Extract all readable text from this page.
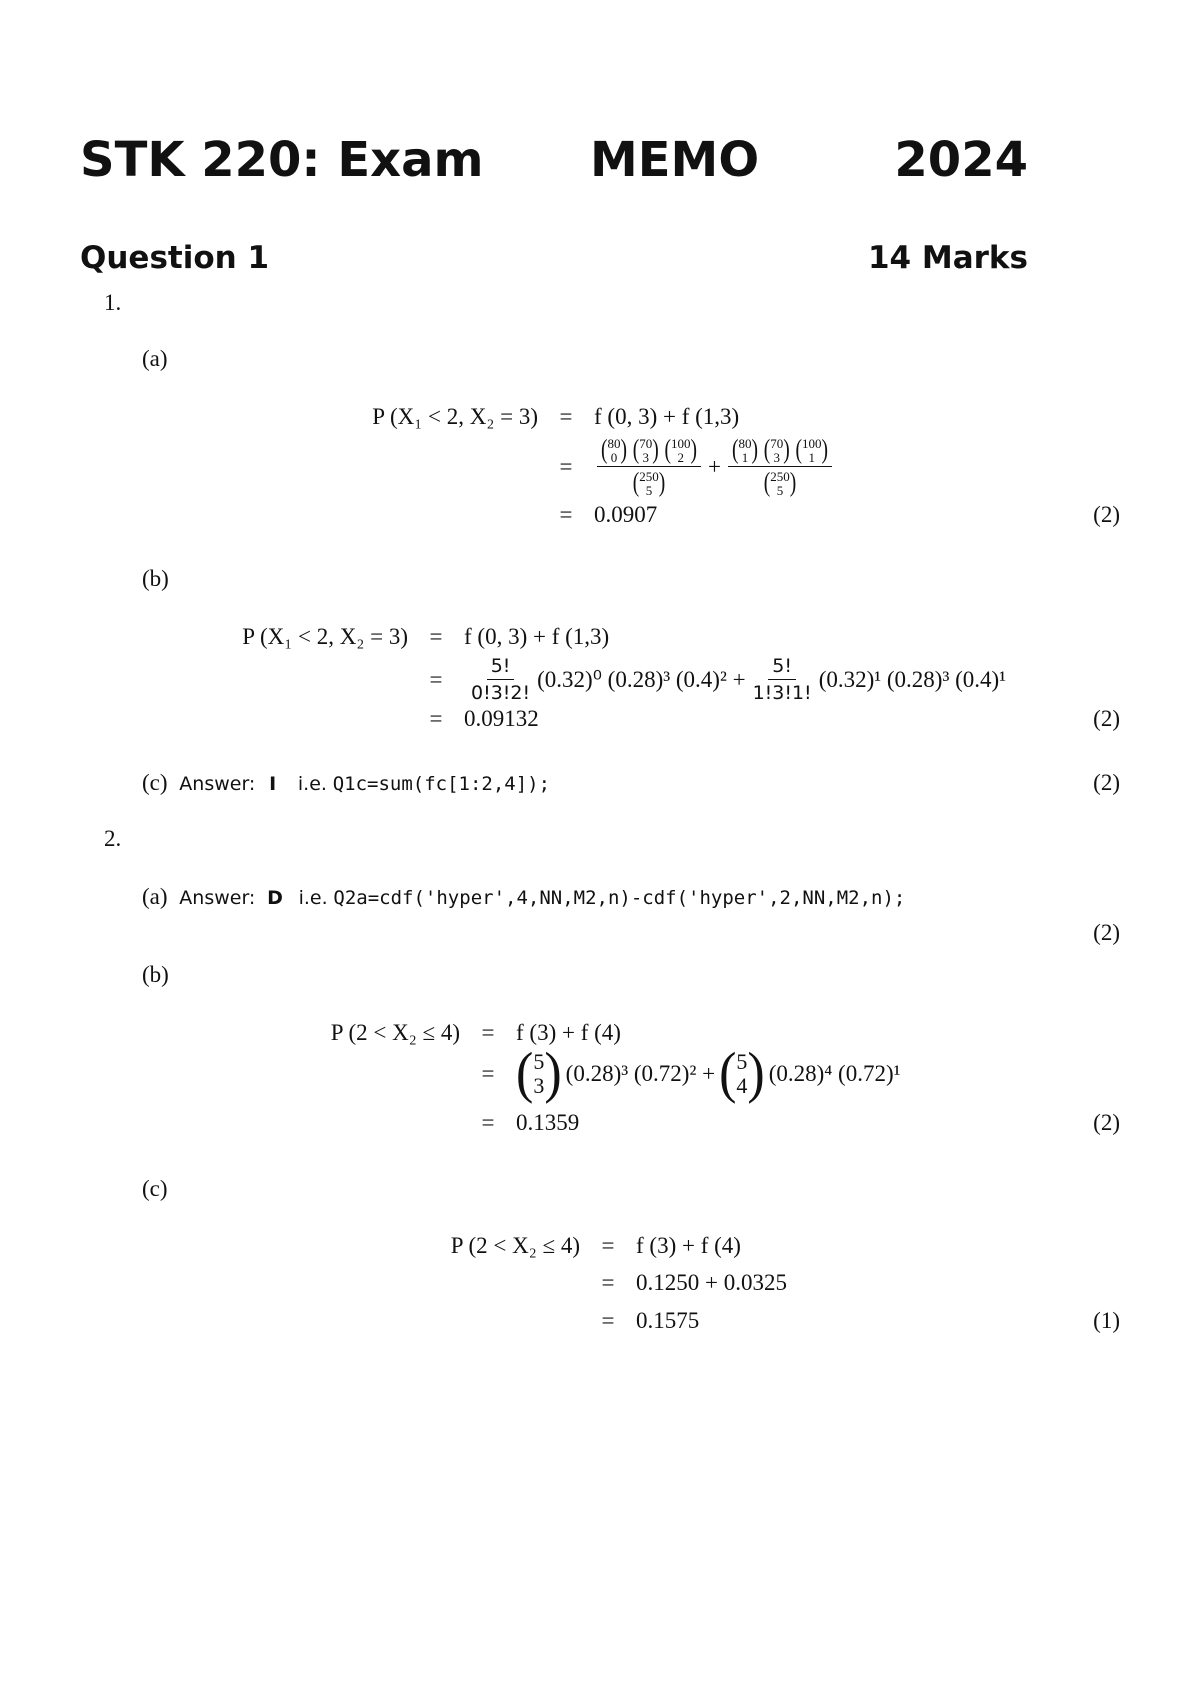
STK 220: Exam MEMO	2024
Question 1	14 Marks
1.
(a)
P (X₁ < 2, X₂ = 3) = f (0, 3) + f (1,3)
=	( 80
0 )
( 70
3 )
( 100
2 )
( 250
5 ) + ( 80
1 )
( 70
3 )
( 100
1 )
( 250
5 )
= 0.0907	(2)
(b)
P (X₁ < 2, X₂ = 3) = f (0, 3) + f (1,3)
=	$\frac{5!}{0!3!2!} (0.32)^0$ (0.28)³ $(0.4)^2 + \frac{5!}{1!3!1!} (0.32)^1$ (0.28)³ (0.4)¹
= 0.09132	(2)
(c) Answer: I i.e. Q1c=sum(fc[1:2,4]);	(2)
2.
(a) Answer: D i.e. Q2a=cdf('hyper',4,NN,M2,n)-cdf('hyper',2,NN,M2,n);
(2)
(b)
P (2 < X₂ ≤ 4) = f (3) + f (4)
= ( 5
3 ) (0.28)³ (0.72)² + ( 5
4 ) (0.28)⁴ (0.72)¹
= 0.1359	(2)
(c)
P (2 < X₂ ≤ 4) = f (3) + f (4)
= 0.1250 + 0.0325
= 0.1575	(1)
